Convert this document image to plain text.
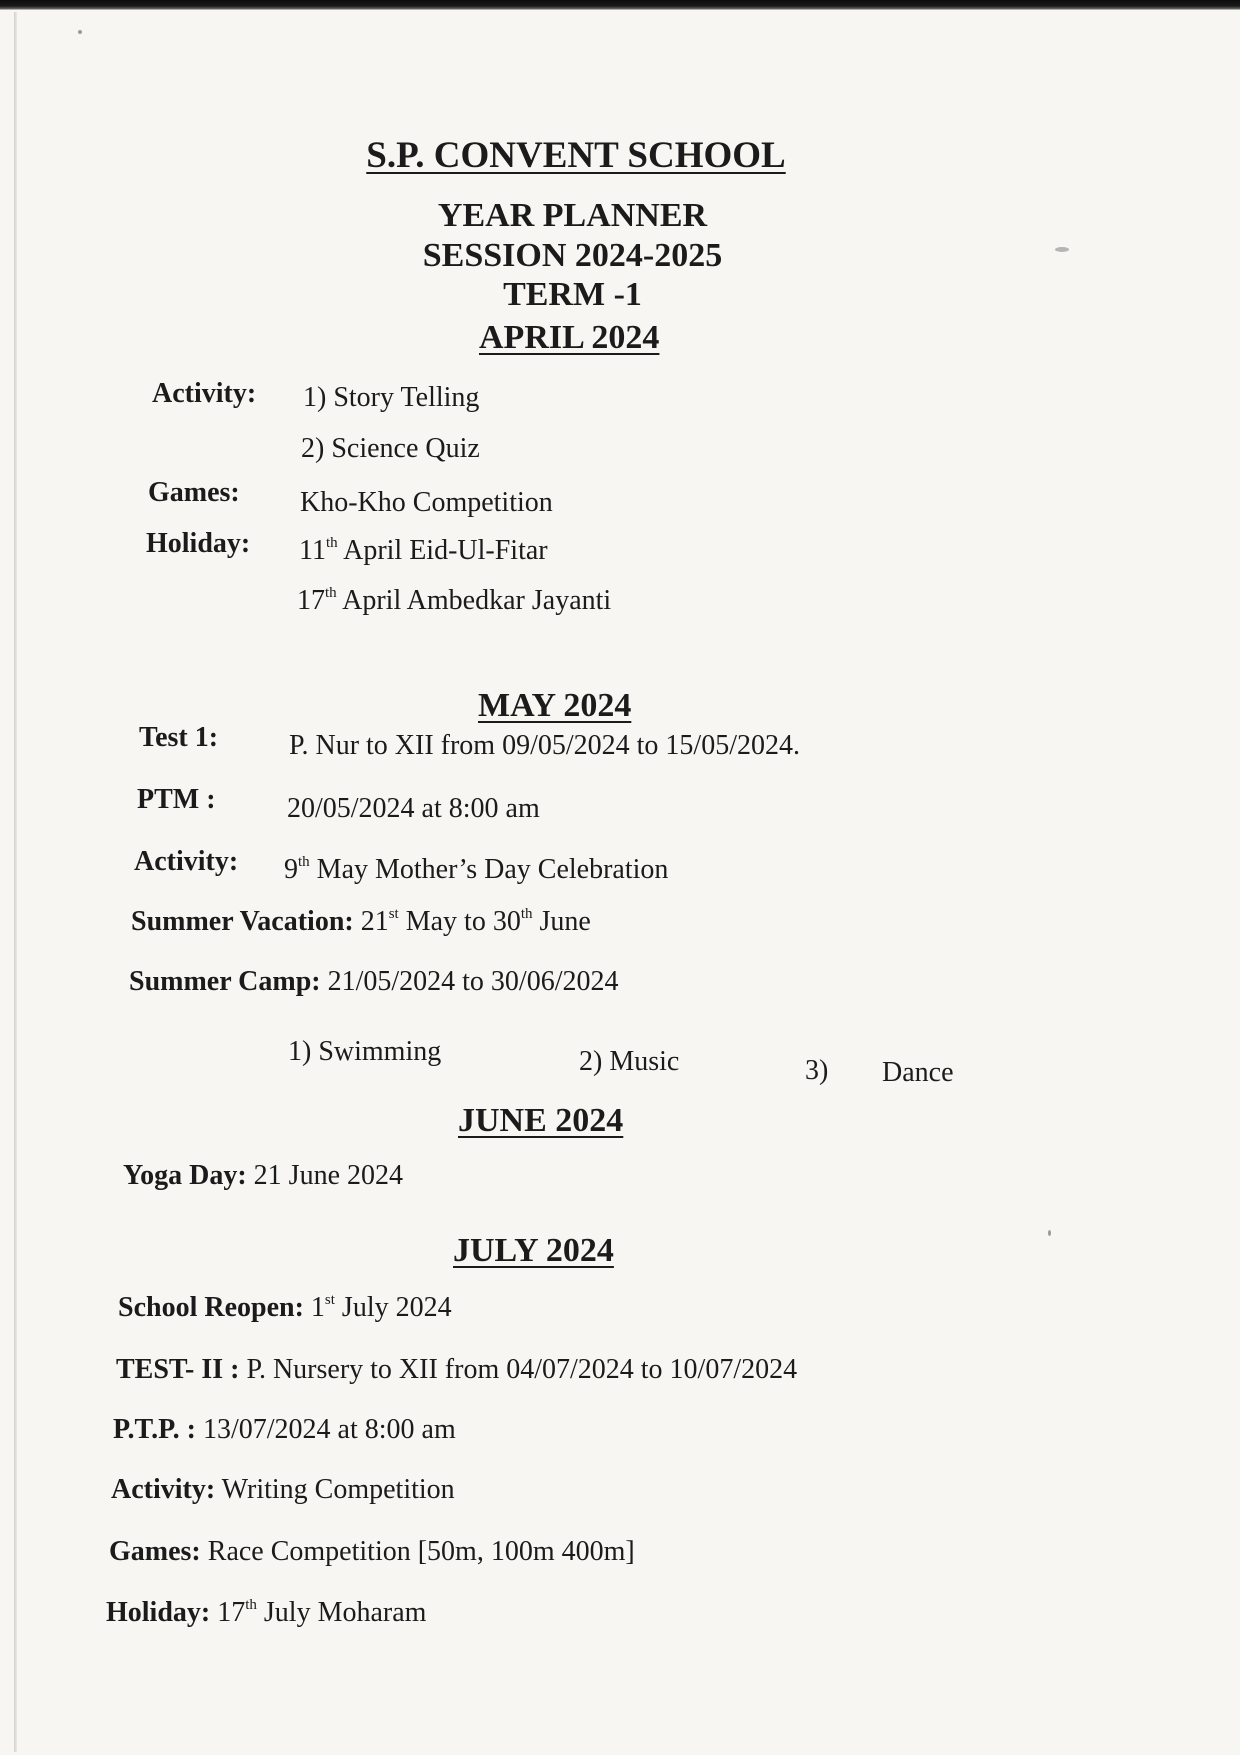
S.P. CONVENT SCHOOL
YEAR PLANNER
SESSION 2024-2025
TERM -1
APRIL 2024
Activity: 1) Story Telling
2) Science Quiz
Games: Kho-Kho Competition
Holiday: 11th April Eid-Ul-Fitar
17th April Ambedkar Jayanti
MAY 2024
Test 1:	P. Nur to XII from 09/05/2024 to 15/05/2024.
PTM :	20/05/2024 at 8:00 am
Activity: 9th May Mother’s Day Celebration
Summer Vacation: 21st May to 30th June
Summer Camp: 21/05/2024 to 30/06/2024
1) Swimming	2) Music	3) Dance
JUNE 2024
Yoga Day: 21 June 2024
JULY 2024
School Reopen: 1st July 2024
TEST- II : P. Nursery to XII from 04/07/2024 to 10/07/2024
P.T.P. : 13/07/2024 at 8:00 am
Activity: Writing Competition
Games: Race Competition [50m, 100m 400m]
Holiday: 17th July Moharam
